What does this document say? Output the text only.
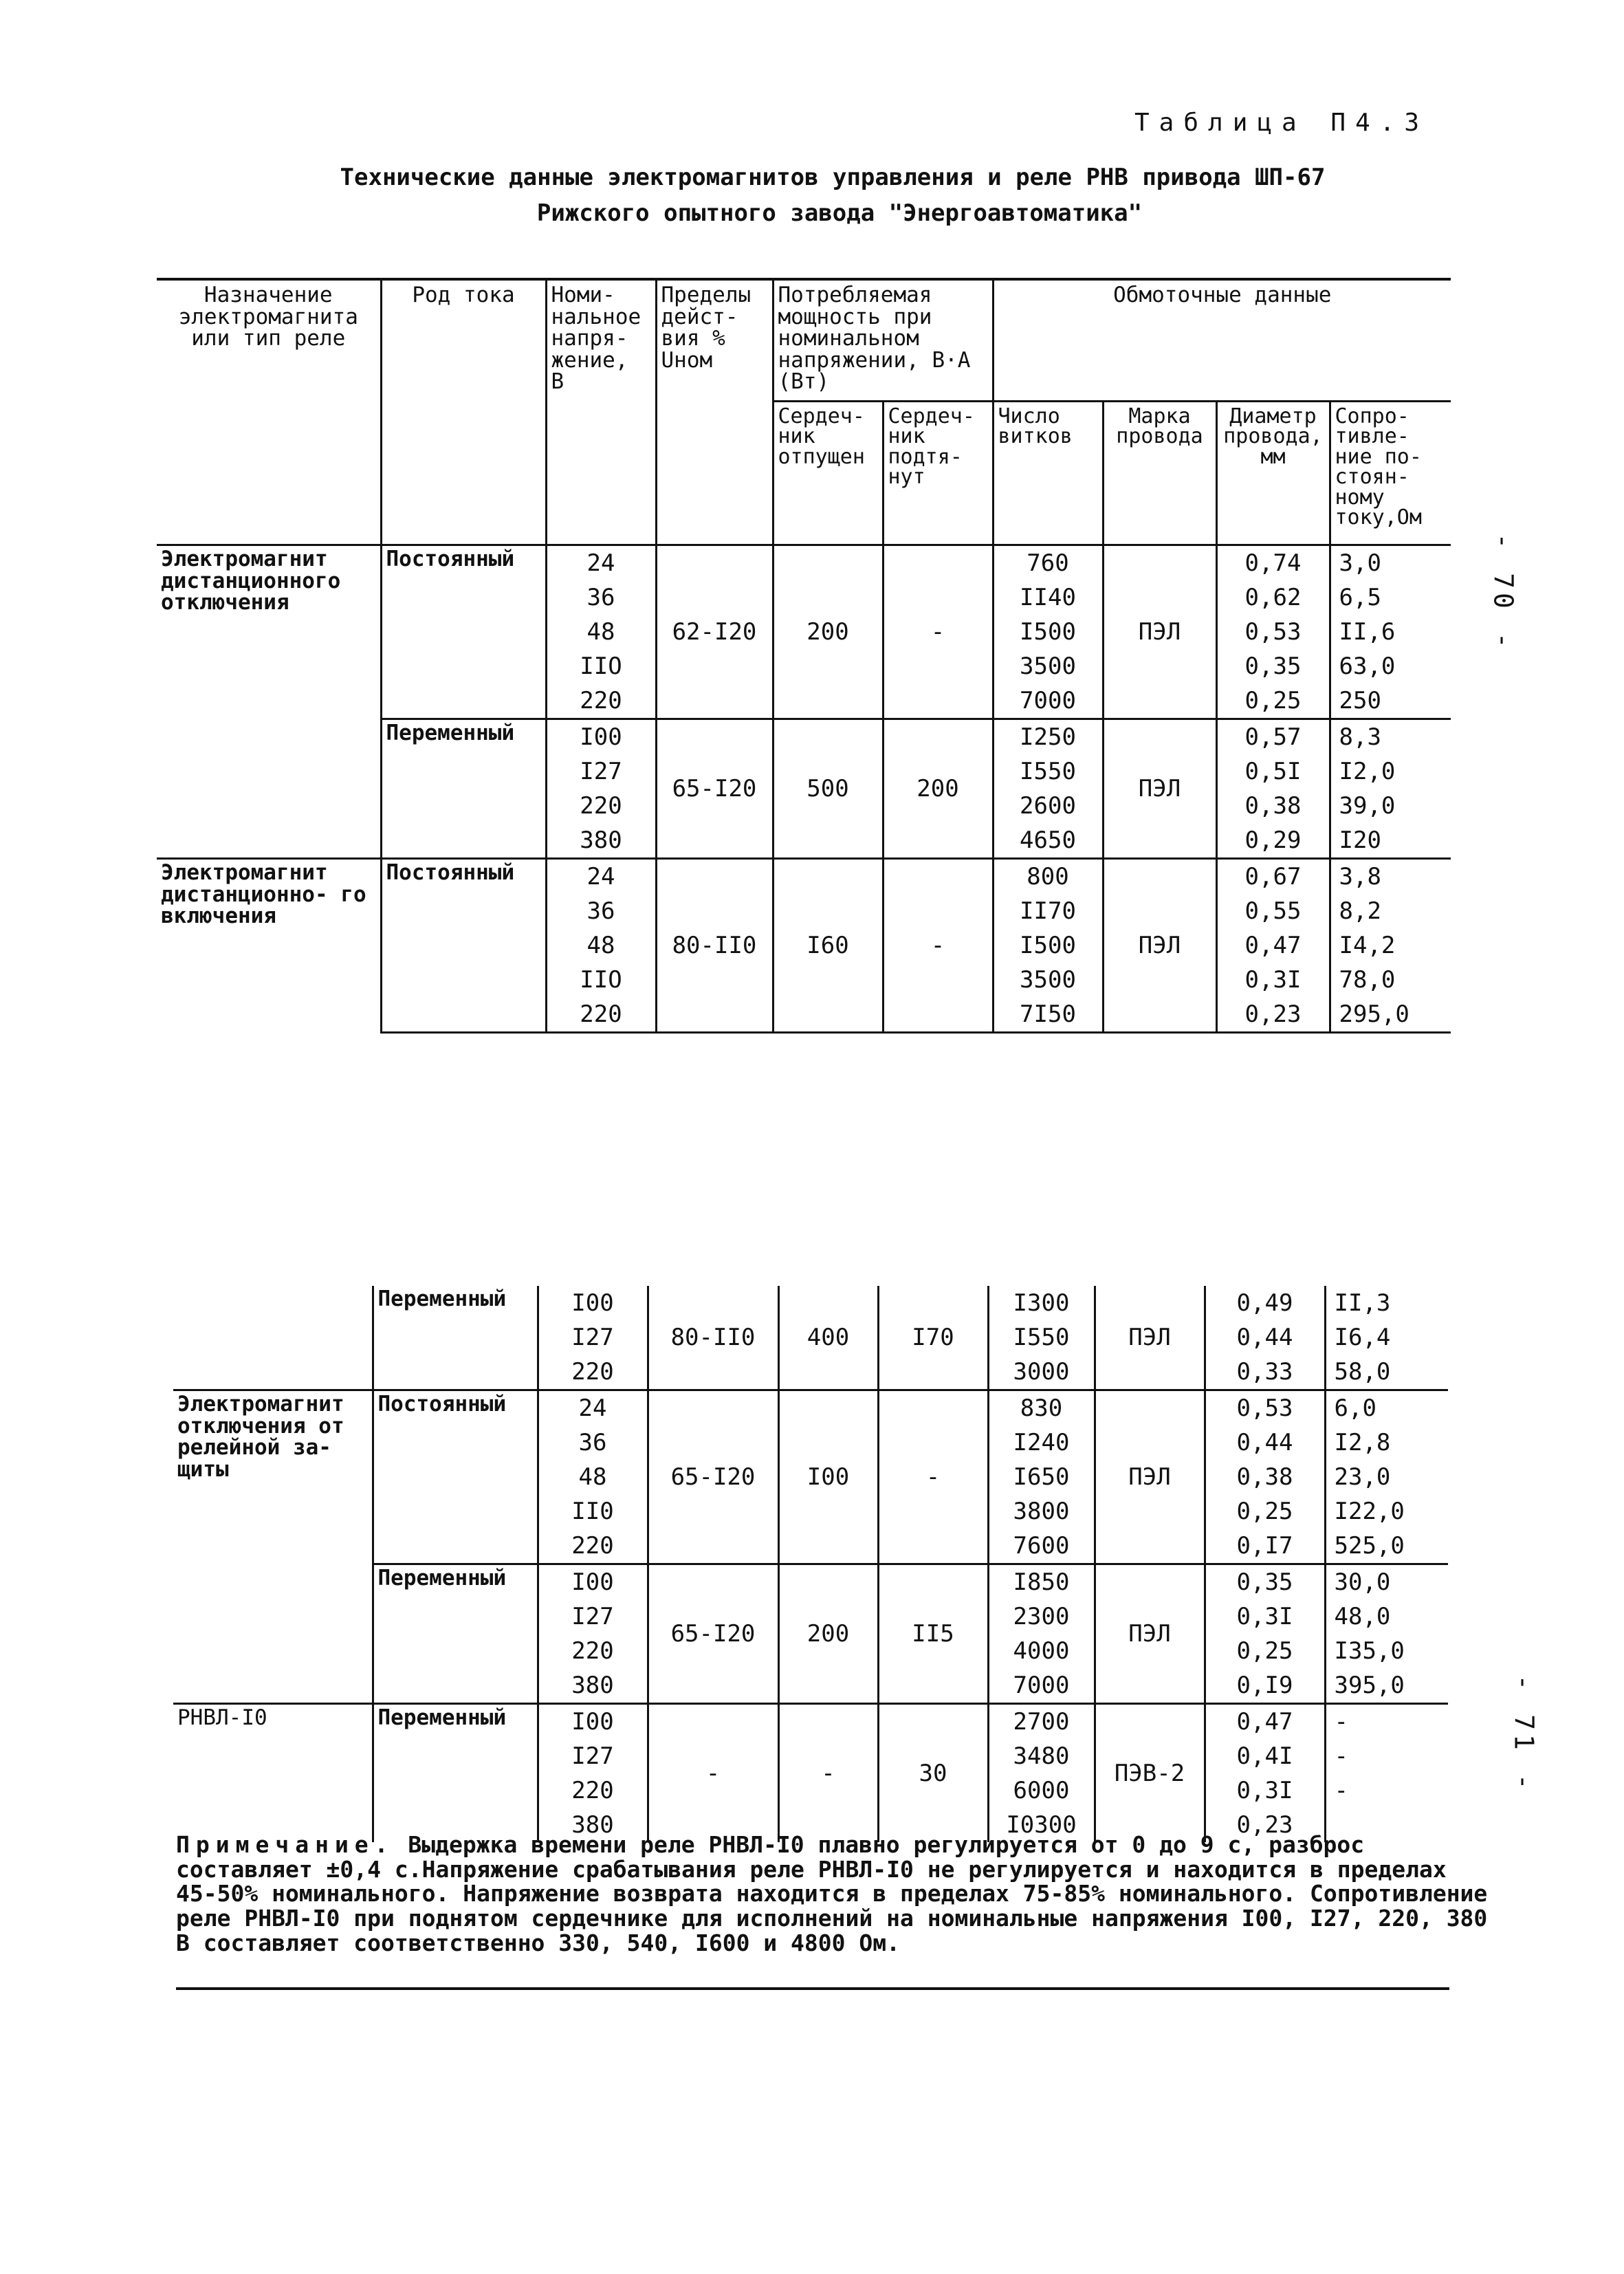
Таблица П4.3
Технические данные электромагнитов управления и реле РНВ привода ШП-67
Рижского опытного завода "Энергоавтоматика"
Назначение электромагнита или тип реле	Род тока	Номи- нальное напря- жение, В	Пределы дейст- вия % Uном	Потребляемая мощность при номинальном напряжении, В·А (Вт)		Обмоточные данные			
				Сердеч- ник отпущен	Сердеч- ник подтя- нут	Число витков	Марка провода	Диаметр провода, мм	Сопро- тивле- ние по- стоян- ному току,Ом
Электромагнит дистанционного отключения	Постоянный	24	62-I20	200	-	760	ПЭЛ	0,74	3,0
		36				II40		0,62	6,5
		48				I500		0,53	II,6
		IIO				3500		0,35	63,0
		220				7000		0,25	250
	Переменный	I00	65-I20	500	200	I250	ПЭЛ	0,57	8,3
		I27				I550		0,5I	I2,0
		220				2600		0,38	39,0
		380				4650		0,29	I20
Электромагнит дистанционно- го включения	Постоянный	24	80-II0	I60	-	800	ПЭЛ	0,67	3,8
		36				II70		0,55	8,2
		48				I500		0,47	I4,2
		IIO				3500		0,3I	78,0
		220				7I50		0,23	295,0
- 70 -
	Переменный	I00	80-II0	400	I70	I300	ПЭЛ	0,49	II,3
		I27				I550		0,44	I6,4
		220				3000		0,33	58,0
Электромагнит отключения от релейной за- щиты	Постоянный	24	65-I20	I00	-	830	ПЭЛ	0,53	6,0
		36				I240		0,44	I2,8
		48				I650		0,38	23,0
		II0				3800		0,25	I22,0
		220				7600		0,I7	525,0
	Переменный	I00	65-I20	200	II5	I850	ПЭЛ	0,35	30,0
		I27				2300		0,3I	48,0
		220				4000		0,25	I35,0
		380				7000		0,I9	395,0
РНВЛ-I0	Переменный	I00	-	-	30	2700	ПЭВ-2	0,47	-
		I27				3480		0,4I	-
		220				6000		0,3I	-
		380				I0300		0,23	
- 71 -
Примечание. Выдержка времени реле РНВЛ-I0 плавно регулируется от 0 до 9 с, разброс составляет ±0,4 с.Напряжение срабатывания реле РНВЛ-I0 не регулируется и находится в пределах 45-50% номинального. Напряжение возврата находится в пределах 75-85% номинального. Сопротивление реле РНВЛ-I0 при поднятом сердечнике для исполнений на номинальные напряжения I00, I27, 220, 380 В составляет соответственно 330, 540, I600 и 4800 Ом.
